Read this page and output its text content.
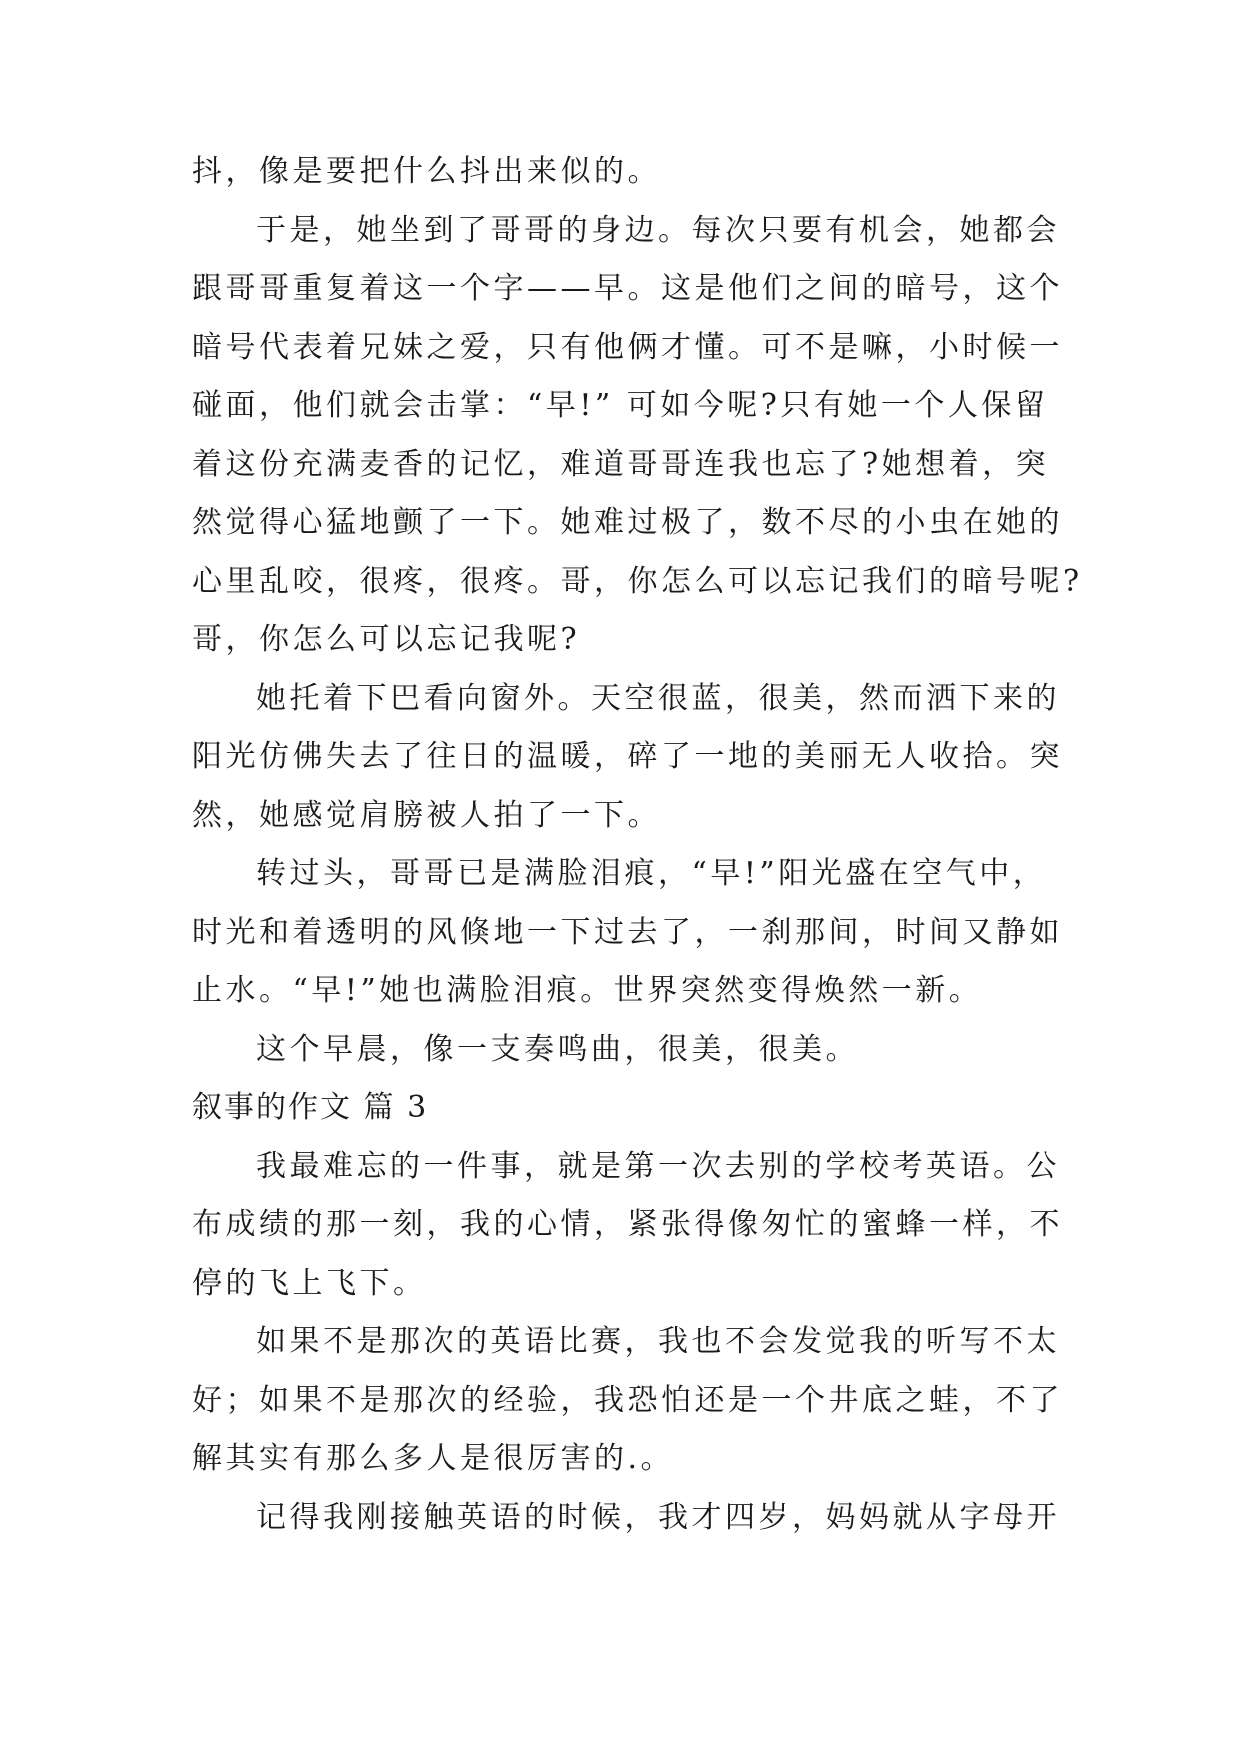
抖，像是要把什么抖出来似的。
于是，她坐到了哥哥的身边。每次只要有机会，她都会
跟哥哥重复着这一个字——早。这是他们之间的暗号，这个
暗号代表着兄妹之爱，只有他俩才懂。可不是嘛，小时候一
碰面，他们就会击掌：“早!” 可如今呢?只有她一个人保留
着这份充满麦香的记忆，难道哥哥连我也忘了?她想着，突
然觉得心猛地颤了一下。她难过极了，数不尽的小虫在她的
心里乱咬，很疼，很疼。哥，你怎么可以忘记我们的暗号呢?
哥，你怎么可以忘记我呢?
她托着下巴看向窗外。天空很蓝，很美，然而洒下来的
阳光仿佛失去了往日的温暖，碎了一地的美丽无人收拾。突
然，她感觉肩膀被人拍了一下。
转过头，哥哥已是满脸泪痕，“早!”阳光盛在空气中，
时光和着透明的风倏地一下过去了，一刹那间，时间又静如
止水。“早!”她也满脸泪痕。世界突然变得焕然一新。
这个早晨，像一支奏鸣曲，很美，很美。
叙事的作文 篇 3
我最难忘的一件事，就是第一次去别的学校考英语。公
布成绩的那一刻，我的心情，紧张得像匆忙的蜜蜂一样，不
停的飞上飞下。
如果不是那次的英语比赛，我也不会发觉我的听写不太
好；如果不是那次的经验，我恐怕还是一个井底之蛙，不了
解其实有那么多人是很厉害的.。
记得我刚接触英语的时候，我才四岁，妈妈就从字母开
